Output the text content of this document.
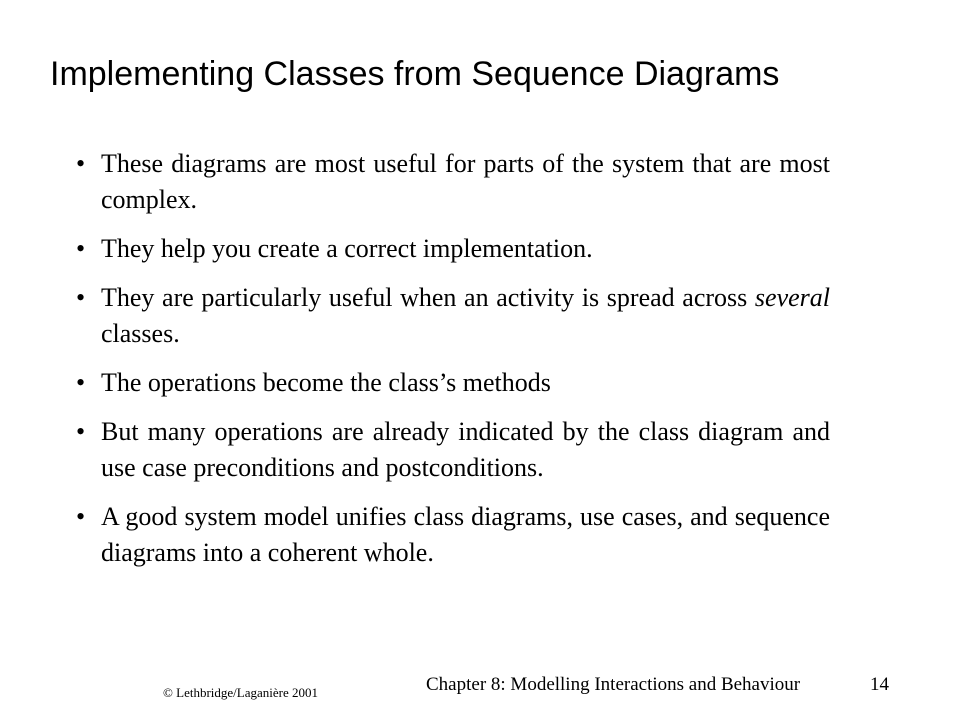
Implementing Classes from Sequence Diagrams
• These diagrams are most useful for parts of the system that are most complex.
• They help you create a correct implementation.
• They are particularly useful when an activity is spread across several classes.
• The operations become the class’s methods
• But many operations are already indicated by the class diagram and use case preconditions and postconditions.
• A good system model unifies class diagrams, use cases, and sequence diagrams into a coherent whole.
© Lethbridge/Laganière 2001	Chapter 8: Modelling Interactions and Behaviour	14
